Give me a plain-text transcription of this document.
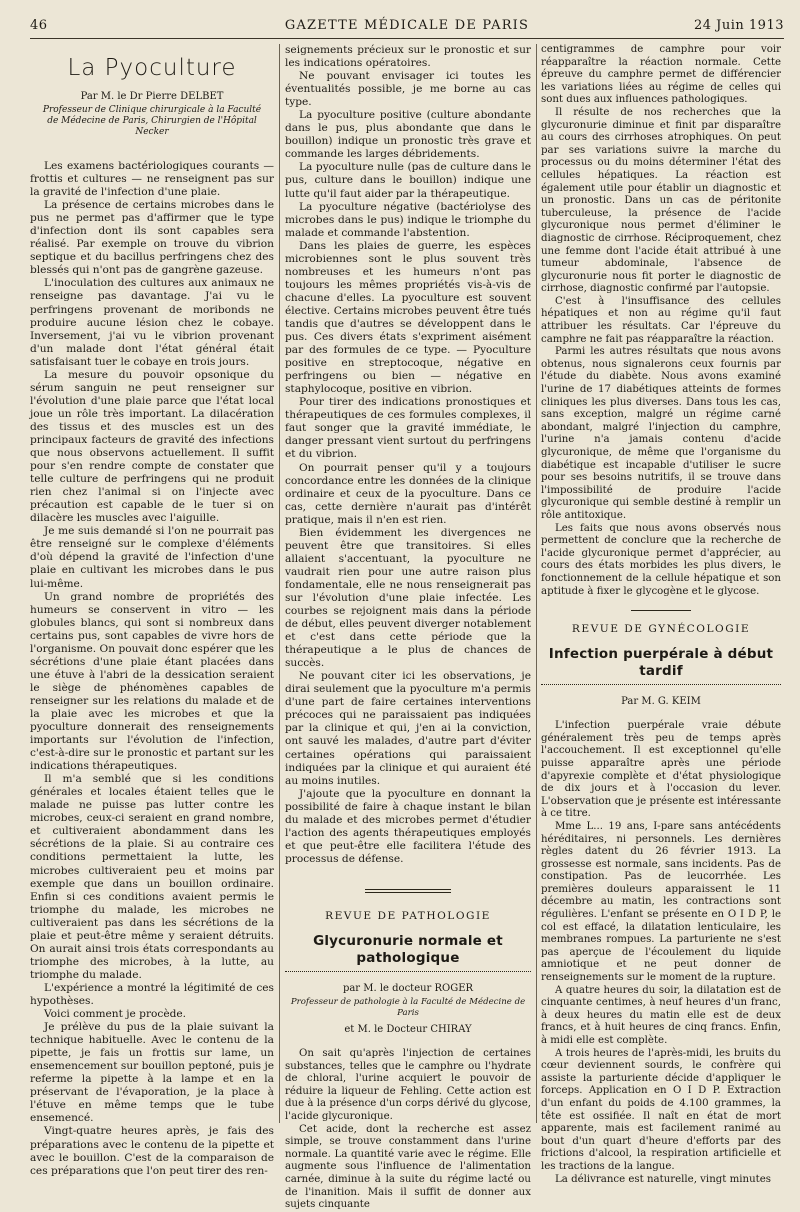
46	GAZETTE MÉDICALE DE PARIS	24 Juin 1913
La Pyoculture
Par M. le Dr Pierre DELBET
Professeur de Clinique chirurgicale à la Faculté de Médecine de Paris, Chirurgien de l'Hôpital Necker

Les examens bactériologiques courants — frottis et cultures — ne renseignent pas sur la gravité de l'infection d'une plaie.

La présence de certains microbes dans le pus ne permet pas d'affirmer que le type d'infection dont ils sont capables sera réalisé. Par exemple on trouve du vibrion septique et du bacillus perfringens chez des blessés qui n'ont pas de gangrène gazeuse.

L'inoculation des cultures aux animaux ne renseigne pas davantage. J'ai vu le perfringens provenant de moribonds ne produire aucune lésion chez le cobaye. Inversement, j'ai vu le vibrion provenant d'un malade dont l'état général était satisfaisant tuer le cobaye en trois jours.

La mesure du pouvoir opsonique du sérum sanguin ne peut renseigner sur l'évolution d'une plaie parce que l'état local joue un rôle très important. La dilacération des tissus et des muscles est un des principaux facteurs de gravité des infections que nous observons actuellement. Il suffit pour s'en rendre compte de constater que telle culture de perfringens qui ne produit rien chez l'animal si on l'injecte avec précaution est capable de le tuer si on dilacère les muscles avec l'aiguille.

Je me suis demandé si l'on ne pourrait pas être renseigné sur le complexe d'éléments d'où dépend la gravité de l'infection d'une plaie en cultivant les microbes dans le pus lui-même.

Un grand nombre de propriétés des humeurs se conservent in vitro — les globules blancs, qui sont si nombreux dans certains pus, sont capables de vivre hors de l'organisme. On pouvait donc espérer que les sécrétions d'une plaie étant placées dans une étuve à l'abri de la dessication seraient le siège de phénomènes capables de renseigner sur les relations du malade et de la plaie avec les microbes et que la pyoculture donnerait des renseignements importants sur l'évolution de l'infection, c'est-à-dire sur le pronostic et partant sur les indications thérapeutiques.

Il m'a semblé que si les conditions générales et locales étaient telles que le malade ne puisse pas lutter contre les microbes, ceux-ci seraient en grand nombre, et cultiveraient abondamment dans les sécrétions de la plaie. Si au contraire ces conditions permettaient la lutte, les microbes cultiveraient peu et moins par exemple que dans un bouillon ordinaire. Enfin si ces conditions avaient permis le triomphe du malade, les microbes ne cultiveraient pas dans les sécrétions de la plaie et peut-être même y seraient détruits. On aurait ainsi trois états correspondants au triomphe des microbes, à la lutte, au triomphe du malade.

L'expérience a montré la légitimité de ces hypothèses.

Voici comment je procède.

Je prélève du pus de la plaie suivant la technique habituelle. Avec le contenu de la pipette, je fais un frottis sur lame, un ensemencement sur bouillon peptoné, puis je referme la pipette à la lampe et en la préservant de l'évaporation, je la place à l'étuve en même temps que le tube ensemencé.

Vingt-quatre heures après, je fais des préparations avec le contenu de la pipette et avec le bouillon. C'est de la comparaison de ces préparations que l'on peut tirer des ren-

seignements précieux sur le pronostic et sur les indications opératoires.

Ne pouvant envisager ici toutes les éventualités possible, je me borne au cas type.

La pyoculture positive (culture abondante dans le pus, plus abondante que dans le bouillon) indique un pronostic très grave et commande les larges débridements.

La pyoculture nulle (pas de culture dans le pus, culture dans le bouillon) indique une lutte qu'il faut aider par la thérapeutique.

La pyoculture négative (bactériolyse des microbes dans le pus) indique le triomphe du malade et commande l'abstention.

Dans les plaies de guerre, les espèces microbiennes sont le plus souvent très nombreuses et les humeurs n'ont pas toujours les mêmes propriétés vis-à-vis de chacune d'elles. La pyoculture est souvent élective. Certains microbes peuvent être tués tandis que d'autres se développent dans le pus. Ces divers états s'expriment aisément par des formules de ce type. — Pyoculture positive en streptocoque, négative en perfringens ou bien — négative en staphylocoque, positive en vibrion.

Pour tirer des indications pronostiques et thérapeutiques de ces formules complexes, il faut songer que la gravité immédiate, le danger pressant vient surtout du perfringens et du vibrion.

On pourrait penser qu'il y a toujours concordance entre les données de la clinique ordinaire et ceux de la pyoculture. Dans ce cas, cette dernière n'aurait pas d'intérêt pratique, mais il n'en est rien.

Bien évidemment les divergences ne peuvent être que transitoires. Si elles allaient s'accentuant, la pyoculture ne vaudrait rien pour une autre raison plus fondamentale, elle ne nous renseignerait pas sur l'évolution d'une plaie infectée. Les courbes se rejoignent mais dans la période de début, elles peuvent diverger notablement et c'est dans cette période que la thérapeutique a le plus de chances de succès.

Ne pouvant citer ici les observations, je dirai seulement que la pyoculture m'a permis d'une part de faire certaines interventions précoces qui ne paraissaient pas indiquées par la clinique et qui, j'en ai la conviction, ont sauvé les malades, d'autre part d'éviter certaines opérations qui paraissaient indiquées par la clinique et qui auraient été au moins inutiles.

J'ajoute que la pyoculture en donnant la possibilité de faire à chaque instant le bilan du malade et des microbes permet d'étudier l'action des agents thérapeutiques employés et que peut-être elle facilitera l'étude des processus de défense.

REVUE DE PATHOLOGIE
Glycuronurie normale et pathologique
par M. le docteur ROGER
Professeur de pathologie à la Faculté de Médecine de Paris
et M. le Docteur CHIRAY

On sait qu'après l'injection de certaines substances, telles que le camphre ou l'hydrate de chloral, l'urine acquiert le pouvoir de réduire la liqueur de Fehling. Cette action est due à la présence d'un corps dérivé du glycose, l'acide glycuronique.

Cet acide, dont la recherche est assez simple, se trouve constamment dans l'urine normale. La quantité varie avec le régime. Elle augmente sous l'influence de l'alimentation carnée, diminue à la suite du régime lacté ou de l'inanition. Mais il suffit de donner aux sujets cinquante

centigrammes de camphre pour voir réapparaître la réaction normale. Cette épreuve du camphre permet de différencier les variations liées au régime de celles qui sont dues aux influences pathologiques.

Il résulte de nos recherches que la glycuronurie diminue et finit par disparaître au cours des cirrhoses atrophiques. On peut par ses variations suivre la marche du processus ou du moins déterminer l'état des cellules hépatiques. La réaction est également utile pour établir un diagnostic et un pronostic. Dans un cas de péritonite tuberculeuse, la présence de l'acide glycuronique nous permet d'éliminer le diagnostic de cirrhose. Réciproquement, chez une femme dont l'acide était attribué à une tumeur abdominale, l'absence de glycuronurie nous fit porter le diagnostic de cirrhose, diagnostic confirmé par l'autopsie.

C'est à l'insuffisance des cellules hépatiques et non au régime qu'il faut attribuer les résultats. Car l'épreuve du camphre ne fait pas réapparaître la réaction.

Parmi les autres résultats que nous avons obtenus, nous signalerons ceux fournis par l'étude du diabète. Nous avons examiné l'urine de 17 diabétiques atteints de formes cliniques les plus diverses. Dans tous les cas, sans exception, malgré un régime carné abondant, malgré l'injection du camphre, l'urine n'a jamais contenu d'acide glycuronique, de même que l'organisme du diabétique est incapable d'utiliser le sucre pour ses besoins nutritifs, il se trouve dans l'impossibilité de produire l'acide glycuronique qui semble destiné à remplir un rôle antitoxique.

Les faits que nous avons observés nous permettent de conclure que la recherche de l'acide glycuronique permet d'apprécier, au cours des états morbides les plus divers, le fonctionnement de la cellule hépatique et son aptitude à fixer le glycogène et le glycose.

REVUE DE GYNÉCOLOGIE
Infection puerpérale à début tardif
Par M. G. KEIM

L'infection puerpérale vraie débute généralement très peu de temps après l'accouchement. Il est exceptionnel qu'elle puisse apparaître après une période d'apyrexie complète et d'état physiologique de dix jours et à l'occasion du lever. L'observation que je présente est intéressante à ce titre.

Mme L... 19 ans, I-pare sans antécédents héréditaires, ni personnels. Les dernières règles datent du 26 février 1913. La grossesse est normale, sans incidents. Pas de constipation. Pas de leucorrhée. Les premières douleurs apparaissent le 11 décembre au matin, les contractions sont régulières. L'enfant se présente en O I D P, le col est effacé, la dilatation lenticulaire, les membranes rompues. La parturiente ne s'est pas aperçue de l'écoulement du liquide amniotique et ne peut donner de renseignements sur le moment de la rupture.

A quatre heures du soir, la dilatation est de cinquante centimes, à neuf heures d'un franc, à deux heures du matin elle est de deux francs, et à huit heures de cinq francs. Enfin, à midi elle est complète.

A trois heures de l'après-midi, les bruits du cœur deviennent sourds, le confrère qui assiste la parturiente décide d'appliquer le forceps. Application en O I D P. Extraction d'un enfant du poids de 4.100 grammes, la tête est ossifiée. Il naît en état de mort apparente, mais est facilement ranimé au bout d'un quart d'heure d'efforts par des frictions d'alcool, la respiration artificielle et les tractions de la langue.

La délivrance est naturelle, vingt minutes
